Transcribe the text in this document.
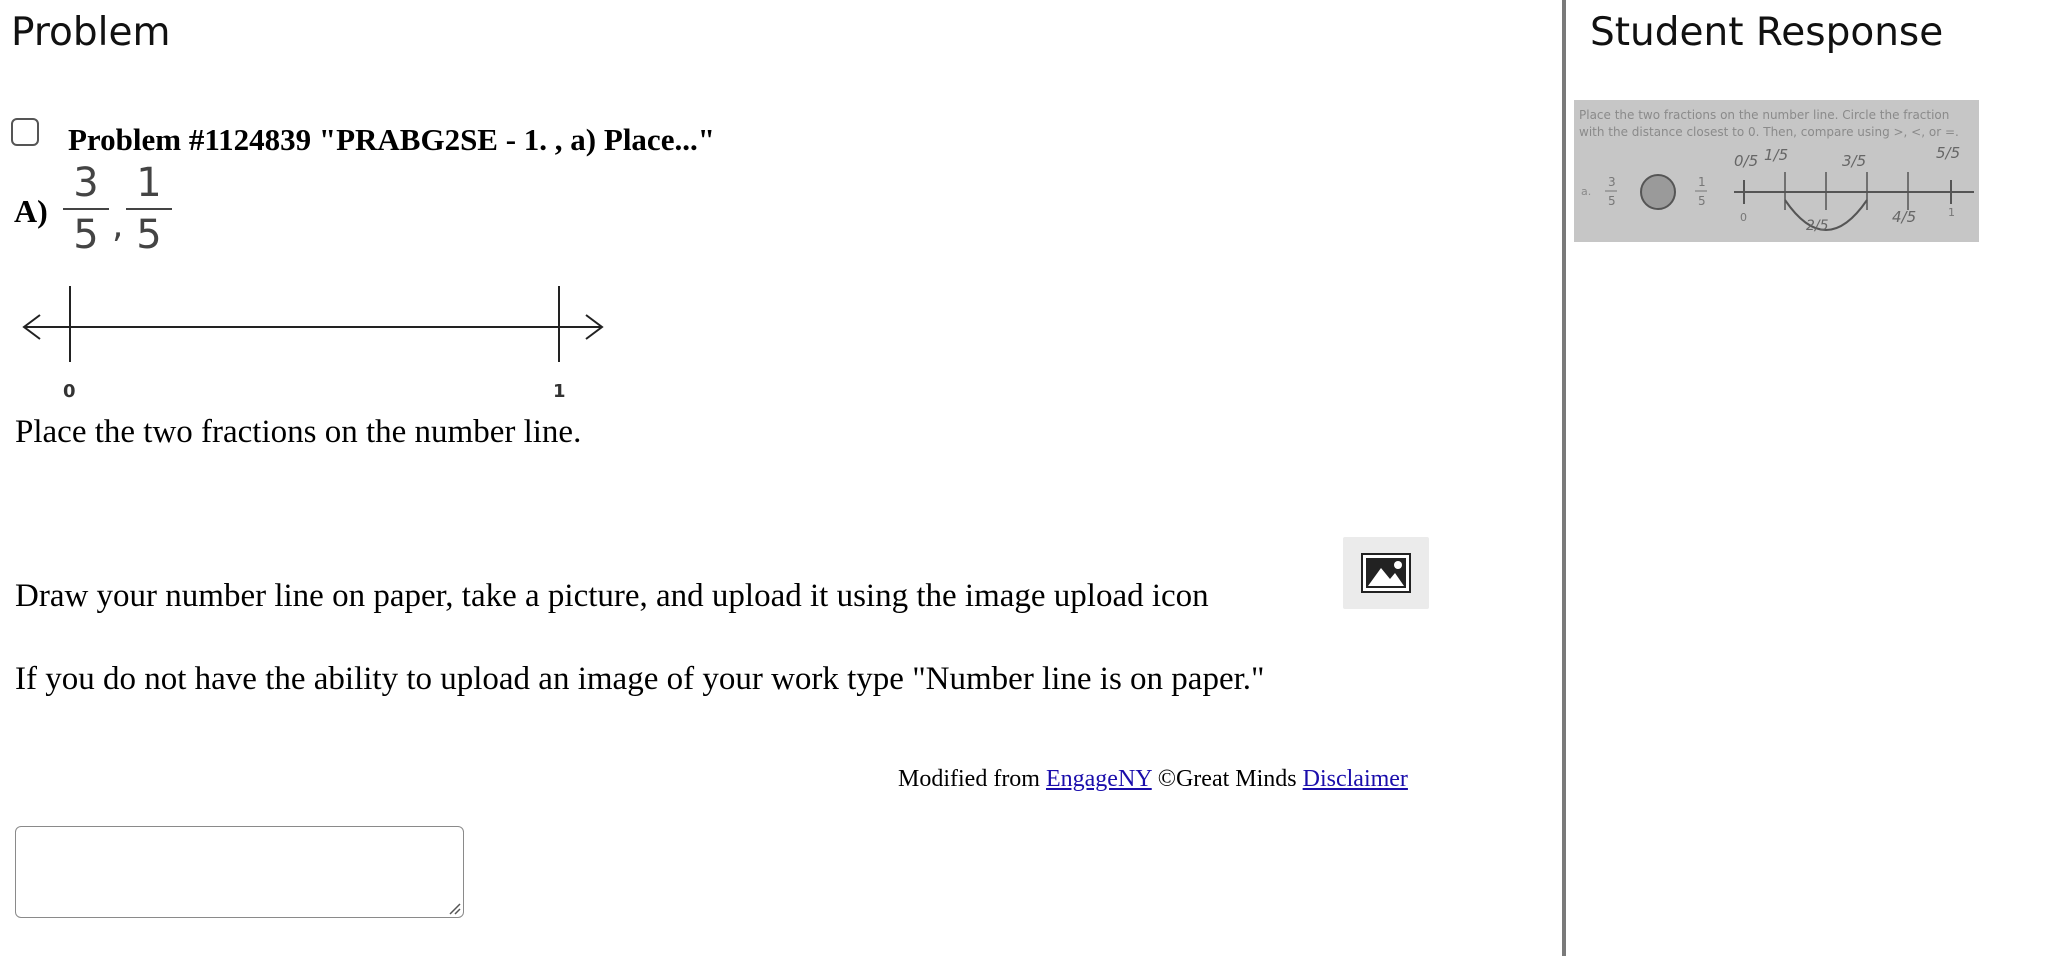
Problem
Problem #1124839 "PRABG2SE - 1. , a) Place..."
A)
3
5 ,
1
5
0	1
Place the two fractions on the number line.
Draw your number line on paper, take a picture, and upload it using the image upload icon
If you do not have the ability to upload an image of your work type "Number line is on paper."
Modified from EngageNY ©Great Minds Disclaimer
Student Response
Place the two fractions on the number line. Circle the fraction
with the distance closest to 0. Then, compare using >, <, or =.
a.
3
5
1
5
0	1
0/5 1/5	3/5	5/5
2/5	4/5
